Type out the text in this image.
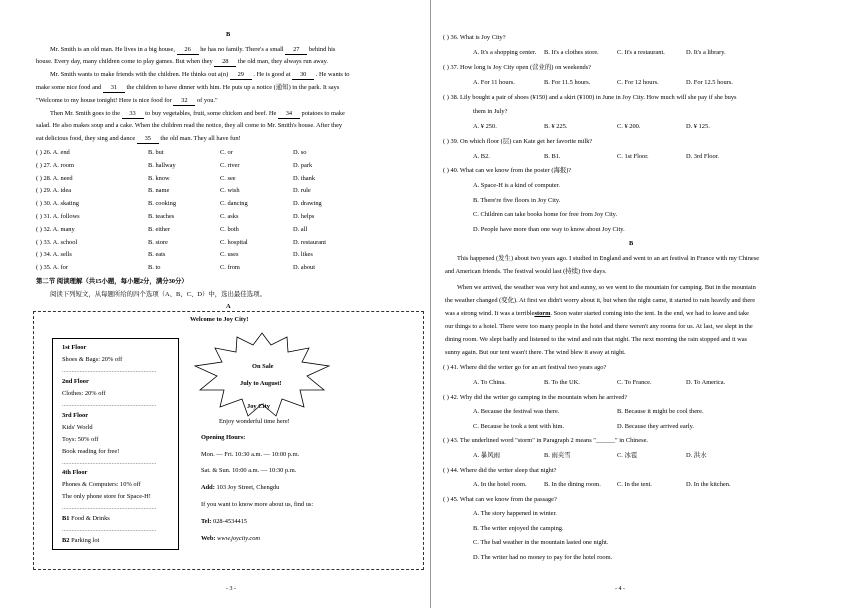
B
Mr. Smith is an old man. He lives in a big house, 26 he has no family. There's a small 27 behind his
house. Every day, many children come to play games. But when they 28 the old man, they always run away.
Mr. Smith wants to make friends with the children. He thinks out a(n) 29 . He is good at 30 . He wants to
make some nice food and 31 the children to have dinner with him. He puts up a notice (通知) in the park. It says
"Welcome to my house tonight! Here is nice food for 32 of you."
Then Mr. Smith goes to the 33 to buy vegetables, fruit, some chicken and beef. He 34 potatoes to make
salad. He also makes soup and a cake. When the children read the notice, they all come to Mr. Smith's house. After they
eat delicious food, they sing and dance 35 the old man. They all have fun!
( ) 26. A. end	B. but	C. or	D. so
( ) 27. A. room	B. hallway	C. river	D. park
( ) 28. A. need	B. know	C. see	D. thank
( ) 29. A. idea	B. name	C. wish	D. rule
( ) 30. A. skating	B. cooking	C. dancing	D. drawing
( ) 31. A. follows	B. teaches	C. asks	D. helps
( ) 32. A. many	B. either	C. both	D. all
( ) 33. A. school	B. store	C. hospital	D. restaurant
( ) 34. A. sells	B. eats	C. uses	D. likes
( ) 35. A. for	B. to	C. from	D. about
第二节 阅读理解（共15小题，每小题2分，满分30分）
阅读下列短文，从每题所给的四个选项（A、B、C、D）中，选出最佳选项。
A
Welcome to Joy City!
1st Floor
Shoes & Bags: 20% off
...........................................................
2nd Floor
Clothes: 20% off
...........................................................
3rd Floor
Kids' World
Toys: 50% off
Book reading for free!
...........................................................
4th Floor
Phones & Computers: 10% off
The only phone store for Space-H!
...........................................................
B1 Food & Drinks
...........................................................
B2 Parking lot
On Sale
July to August!
Joy City
Enjoy wonderful time here!
Opening Hours:
Mon. — Fri. 10:30 a.m. — 10:00 p.m.
Sat. & Sun. 10:00 a.m. — 10:30 p.m.
Add: 103 Joy Street, Chengdu
If you want to know more about us, find us:
Tel: 028-4534415
Web: www.joycity.com
- 3 -
( ) 36. What is Joy City?
A. It's a shopping center. B. It's a clothes store.	C. It's a restaurant.	D. It's a library.
( ) 37. How long is Joy City open (营业的) on weekends?
A. For 11 hours.	B. For 11.5 hours.	C. For 12 hours.	D. For 12.5 hours.
( ) 38. Lily bought a pair of shoes (¥150) and a skirt (¥100) in June in Joy City. How much will she pay if she buys
them in July?
A. ¥ 250.	B. ¥ 225.	C. ¥ 200.	D. ¥ 125.
( ) 39. On which floor (层) can Kate get her favorite milk?
A. B2.	B. B1.	C. 1st Floor.	D. 3rd Floor.
( ) 40. What can we know from the poster (海报)?
A. Space-H is a kind of computer.
B. There're five floors in Joy City.
C. Children can take books home for free from Joy City.
D. People have more than one way to know about Joy City.
B
This happened (发生) about two years ago. I studied in England and went to an art festival in France with my Chinese
and American friends. The festival would last (持续) five days.
When we arrived, the weather was very hot and sunny, so we went to the mountain for camping. But in the mountain
the weather changed (变化). At first we didn't worry about it, but when the night came, it started to rain heavily and there
was a strong wind. It was a terriblestorm. Soon water started coming into the tent. In the end, we had to leave and take
our things to a hotel. There were too many people in the hotel and there weren't any rooms for us. At last, we slept in the
dining room. We slept badly and listened to the wind and rain that night. The next morning the rain stopped and it was
sunny again. But our tent wasn't there. The wind blew it away at night.
( ) 41. Where did the writer go for an art festival two years ago?
A. To China.	B. To the UK.	C. To France.	D. To America.
( ) 42. Why did the writer go camping in the mountain when he arrived?
A. Because the festival was there.	B. Because it might be cool there.
C. Because he took a tent with him.	D. Because they arrived early.
( ) 43. The underlined word "storm" in Paragraph 2 means "______" in Chinese.
A. 暴风雨	B. 雨夹雪	C. 冰雹	D. 洪水
( ) 44. Where did the writer sleep that night?
A. In the hotel room.	B. In the dining room.	C. In the tent.	D. In the kitchen.
( ) 45. What can we know from the passage?
A. The story happened in winter.
B. The writer enjoyed the camping.
C. The bad weather in the mountain lasted one night.
D. The writer had no money to pay for the hotel room.
- 4 -
